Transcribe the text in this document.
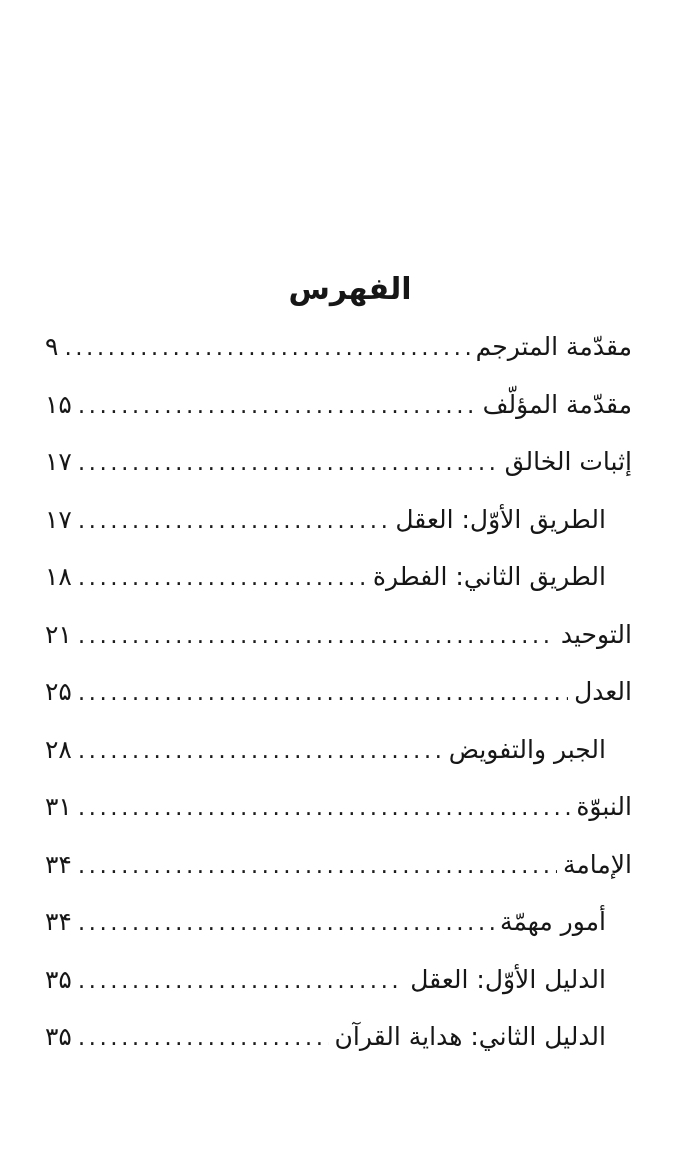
الفهرس
مقدّمة المترجم
.....
۹
مقدّمة المؤلّف
.....
۱۵
إثبات الخالق
.....
۱۷
الطريق الأوّل: العقل
.....
۱۷
الطريق الثاني: الفطرة
.....
۱۸
التوحيد
.....
۲۱
العدل
.....
۲۵
الجبر والتفويض
.....
۲۸
النبوّة
.....
۳۱
الإمامة
.....
۳۴
أمور مهمّة
.....
۳۴
الدليل الأوّل: العقل
.....
۳۵
الدليل الثاني: هداية القرآن
.....
۳۵
